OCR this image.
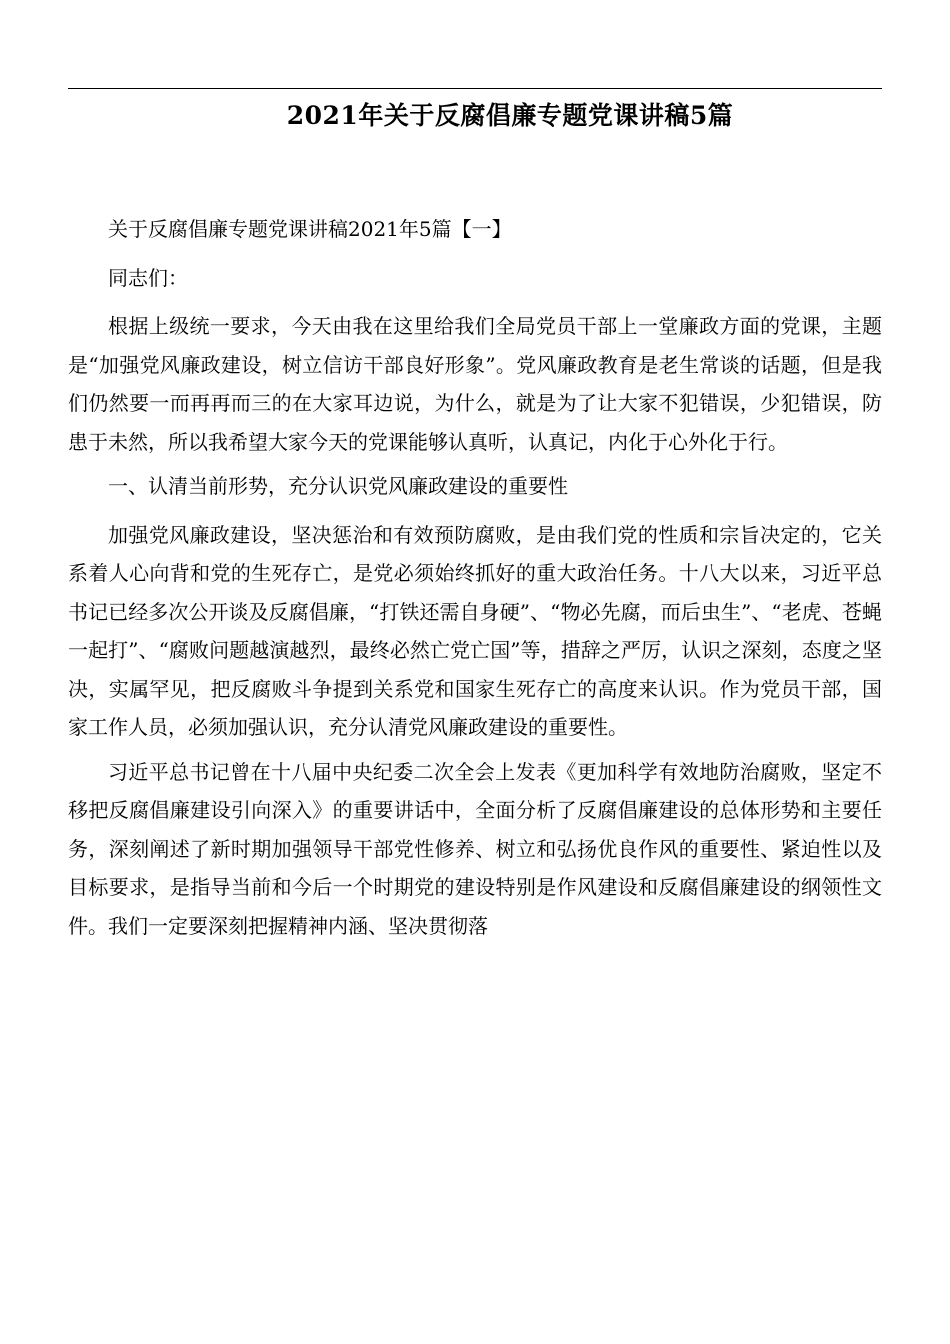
2021年关于反腐倡廉专题党课讲稿5篇

关于反腐倡廉专题党课讲稿2021年5篇【一】

同志们：

根据上级统一要求，今天由我在这里给我们全局党员干部上一堂廉政方面的党课，主题是“加强党风廉政建设，树立信访干部良好形象”。党风廉政教育是老生常谈的话题，但是我们仍然要一而再再而三的在大家耳边说，为什么，就是为了让大家不犯错误，少犯错误，防患于未然，所以我希望大家今天的党课能够认真听，认真记，内化于心外化于行。

一、认清当前形势，充分认识党风廉政建设的重要性

加强党风廉政建设，坚决惩治和有效预防腐败，是由我们党的性质和宗旨决定的，它关系着人心向背和党的生死存亡，是党必须始终抓好的重大政治任务。十八大以来，习近平总书记已经多次公开谈及反腐倡廉，“打铁还需自身硬”、“物必先腐，而后虫生”、“老虎、苍蝇一起打”、“腐败问题越演越烈，最终必然亡党亡国”等，措辞之严厉，认识之深刻，态度之坚决，实属罕见，把反腐败斗争提到关系党和国家生死存亡的高度来认识。作为党员干部，国家工作人员，必须加强认识，充分认清党风廉政建设的重要性。

习近平总书记曾在十八届中央纪委二次全会上发表《更加科学有效地防治腐败，坚定不移把反腐倡廉建设引向深入》的重要讲话中，全面分析了反腐倡廉建设的总体形势和主要任务，深刻阐述了新时期加强领导干部党性修养、树立和弘扬优良作风的重要性、紧迫性以及目标要求，是指导当前和今后一个时期党的建设特别是作风建设和反腐倡廉建设的纲领性文件。我们一定要深刻把握精神内涵、坚决贯彻落
